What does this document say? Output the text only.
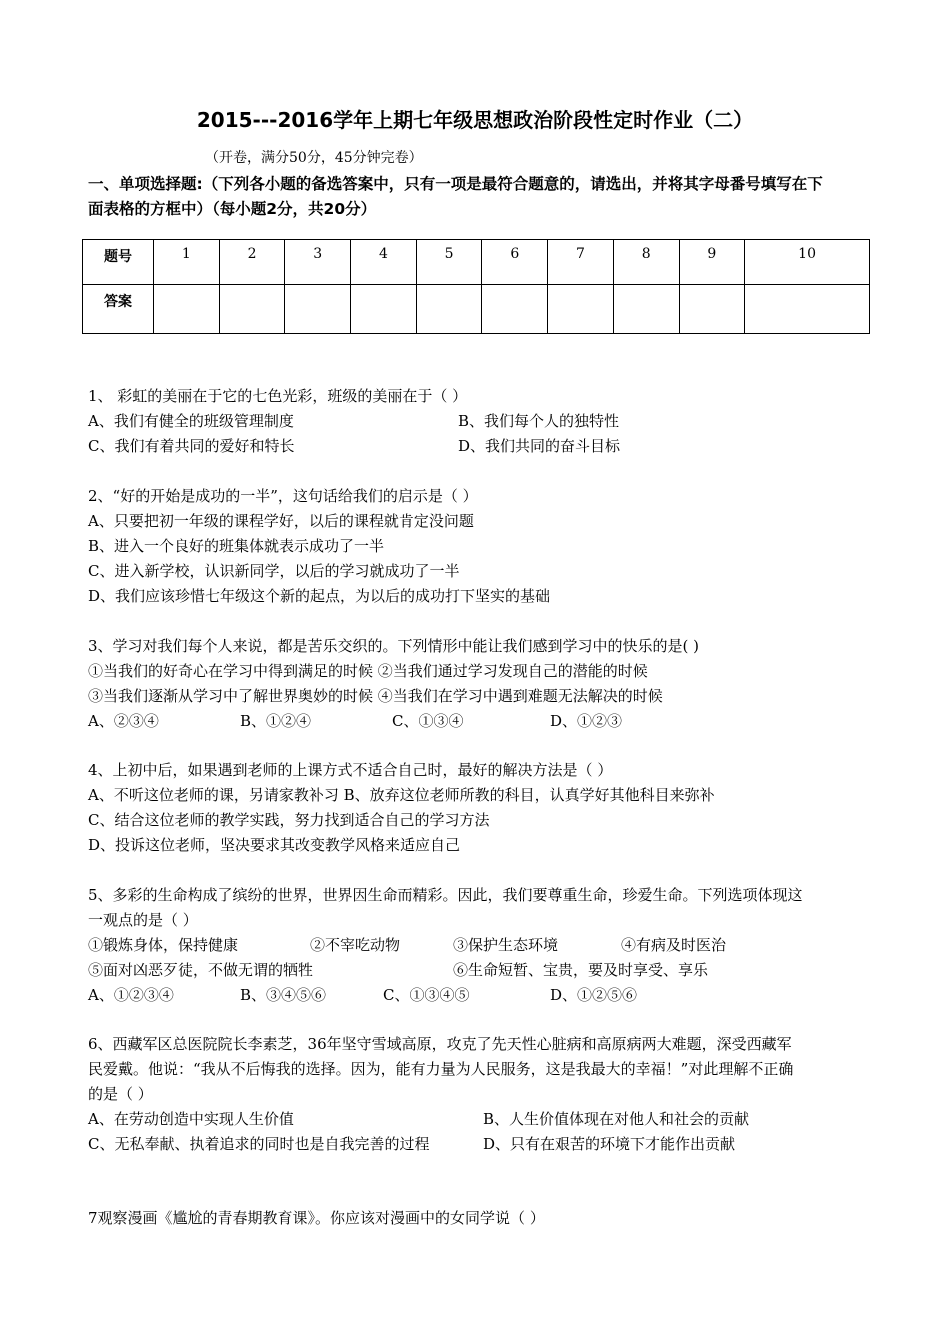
2015---2016学年上期七年级思想政治阶段性定时作业（二）
（开卷，满分50分，45分钟完卷）
一、单项选择题:（下列各小题的备选答案中，只有一项是最符合题意的，请选出，并将其字母番号填写在下
面表格的方框中）（每小题2分，共20分）
题号	1	2	3	4	5	6	7	8	9	10
答案										
1、 彩虹的美丽在于它的七色光彩，班级的美丽在于（ ）
A、我们有健全的班级管理制度	B、我们每个人的独特性
C、我们有着共同的爱好和特长	D、我们共同的奋斗目标
2、“好的开始是成功的一半”，这句话给我们的启示是（ ）
A、只要把初一年级的课程学好，以后的课程就肯定没问题
B、进入一个良好的班集体就表示成功了一半
C、进入新学校，认识新同学，以后的学习就成功了一半
D、我们应该珍惜七年级这个新的起点，为以后的成功打下坚实的基础
3、学习对我们每个人来说，都是苦乐交织的。下列情形中能让我们感到学习中的快乐的是( )
①当我们的好奇心在学习中得到满足的时候 ②当我们通过学习发现自己的潜能的时候
③当我们逐渐从学习中了解世界奥妙的时候 ④当我们在学习中遇到难题无法解决的时候
A、②③④	B、①②④	C、①③④	D、①②③
4、上初中后，如果遇到老师的上课方式不适合自己时，最好的解决方法是（ ）
A、不听这位老师的课，另请家教补习 B、放弃这位老师所教的科目，认真学好其他科目来弥补
C、结合这位老师的教学实践，努力找到适合自己的学习方法
D、投诉这位老师，坚决要求其改变教学风格来适应自己
5、多彩的生命构成了缤纷的世界，世界因生命而精彩。因此，我们要尊重生命，珍爱生命。下列选项体现这
一观点的是（ ）
①锻炼身体，保持健康	②不宰吃动物	③保护生态环境	④有病及时医治
⑤面对凶恶歹徒，不做无谓的牺牲	⑥生命短暂、宝贵，要及时享受、享乐
A、①②③④	B、③④⑤⑥	C、①③④⑤	D、①②⑤⑥
6、西藏军区总医院院长李素芝，36年坚守雪域高原，攻克了先天性心脏病和高原病两大难题，深受西藏军
民爱戴。他说：“我从不后悔我的选择。因为，能有力量为人民服务，这是我最大的幸福！”对此理解不正确
的是（ ）
A、在劳动创造中实现人生价值	B、人生价值体现在对他人和社会的贡献
C、无私奉献、执着追求的同时也是自我完善的过程	D、只有在艰苦的环境下才能作出贡献
7观察漫画《尴尬的青春期教育课》。你应该对漫画中的女同学说（ ）
